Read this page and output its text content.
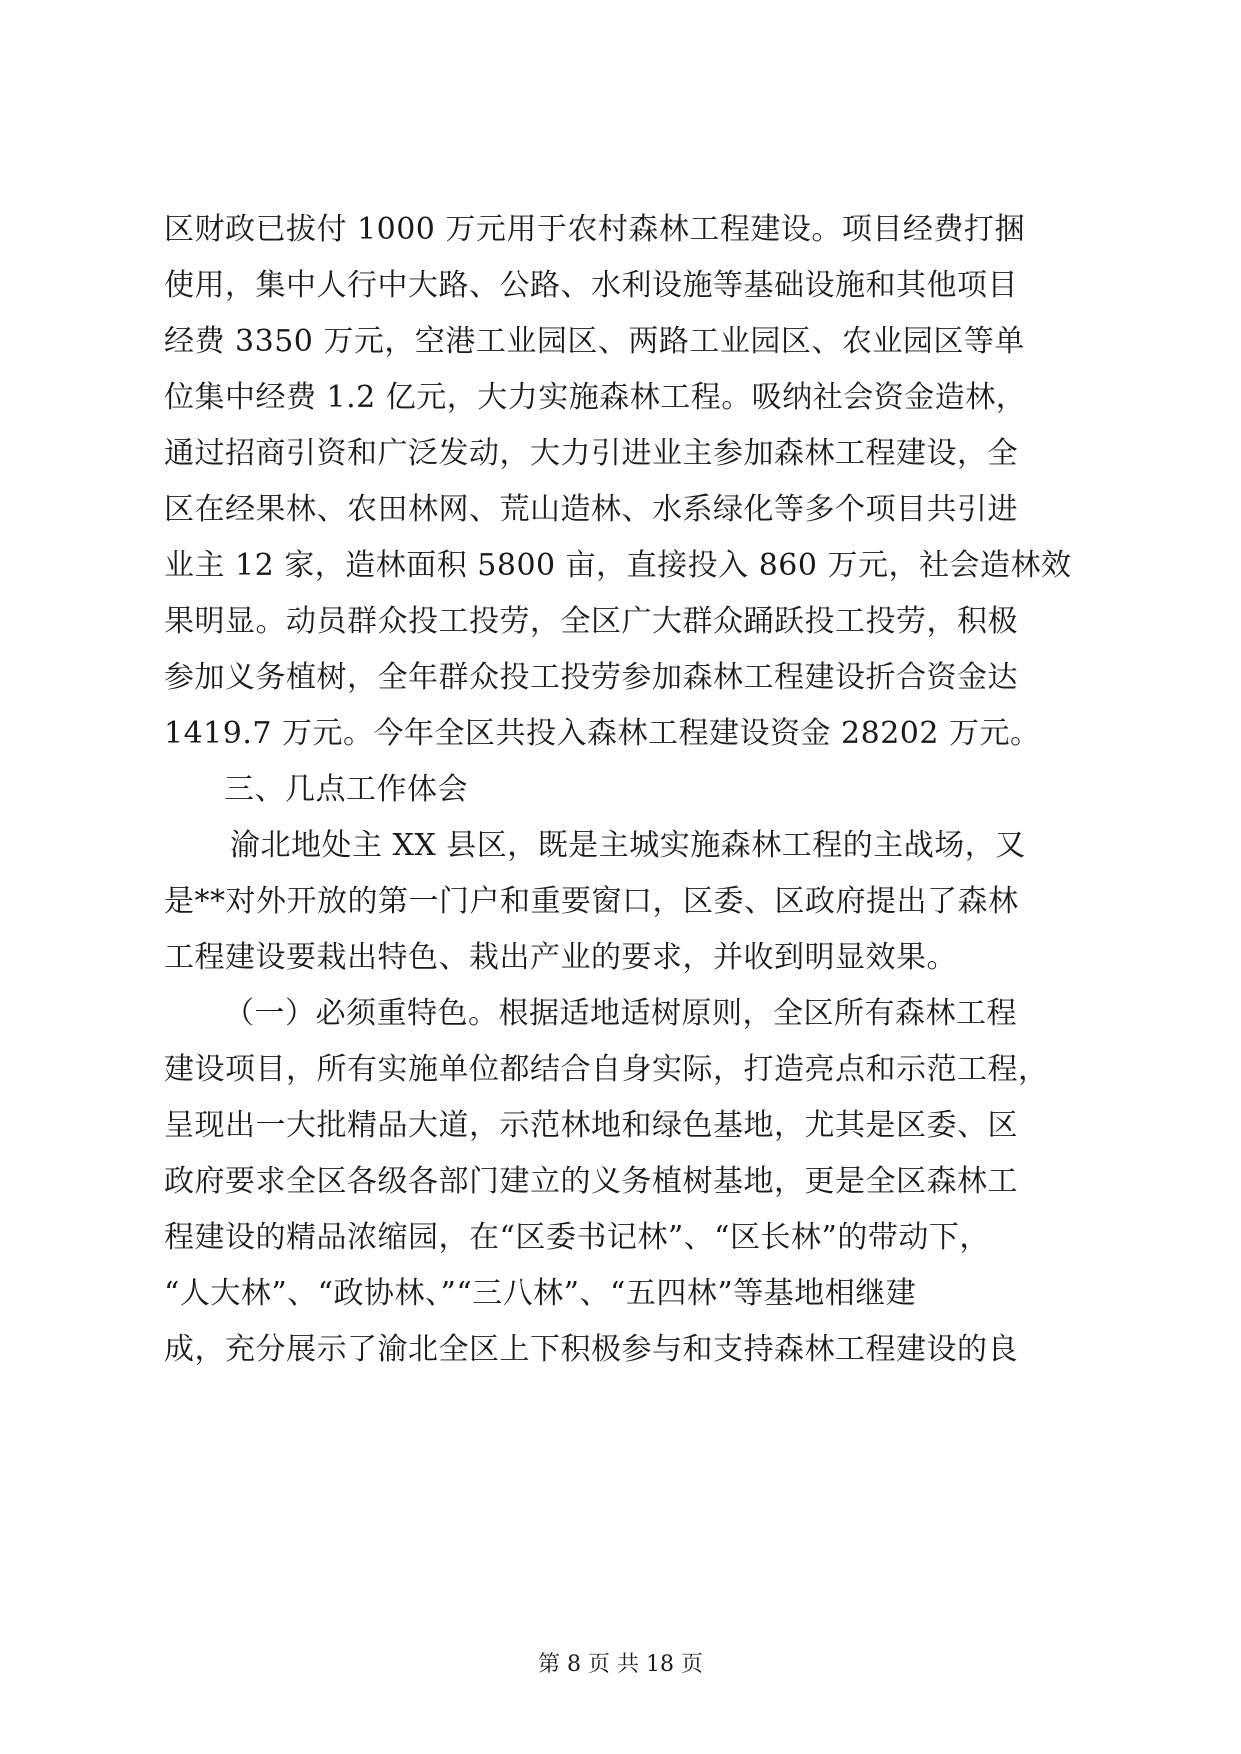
区财政已拔付 1000 万元用于农村森林工程建设。项目经费打捆
使用，集中人行中大路、公路、水利设施等基础设施和其他项目
经费 3350 万元，空港工业园区、两路工业园区、农业园区等单
位集中经费 1.2 亿元，大力实施森林工程。吸纳社会资金造林，
通过招商引资和广泛发动，大力引进业主参加森林工程建设，全
区在经果林、农田林网、荒山造林、水系绿化等多个项目共引进
业主 12 家，造林面积 5800 亩，直接投入 860 万元，社会造林效
果明显。动员群众投工投劳，全区广大群众踊跃投工投劳，积极
参加义务植树，全年群众投工投劳参加森林工程建设折合资金达
1419.7 万元。今年全区共投入森林工程建设资金 28202 万元。
三、几点工作体会
渝北地处主 XX 县区，既是主城实施森林工程的主战场，又
是**对外开放的第一门户和重要窗口，区委、区政府提出了森林
工程建设要栽出特色、栽出产业的要求，并收到明显效果。
（一）必须重特色。根据适地适树原则，全区所有森林工程
建设项目，所有实施单位都结合自身实际，打造亮点和示范工程，
呈现出一大批精品大道，示范林地和绿色基地，尤其是区委、区
政府要求全区各级各部门建立的义务植树基地，更是全区森林工
程建设的精品浓缩园，在“区委书记林”、“区长林”的带动下，
“人大林”、“政协林、”“三八林”、“五四林”等基地相继建
成，充分展示了渝北全区上下积极参与和支持森林工程建设的良
第 8 页 共 18 页
